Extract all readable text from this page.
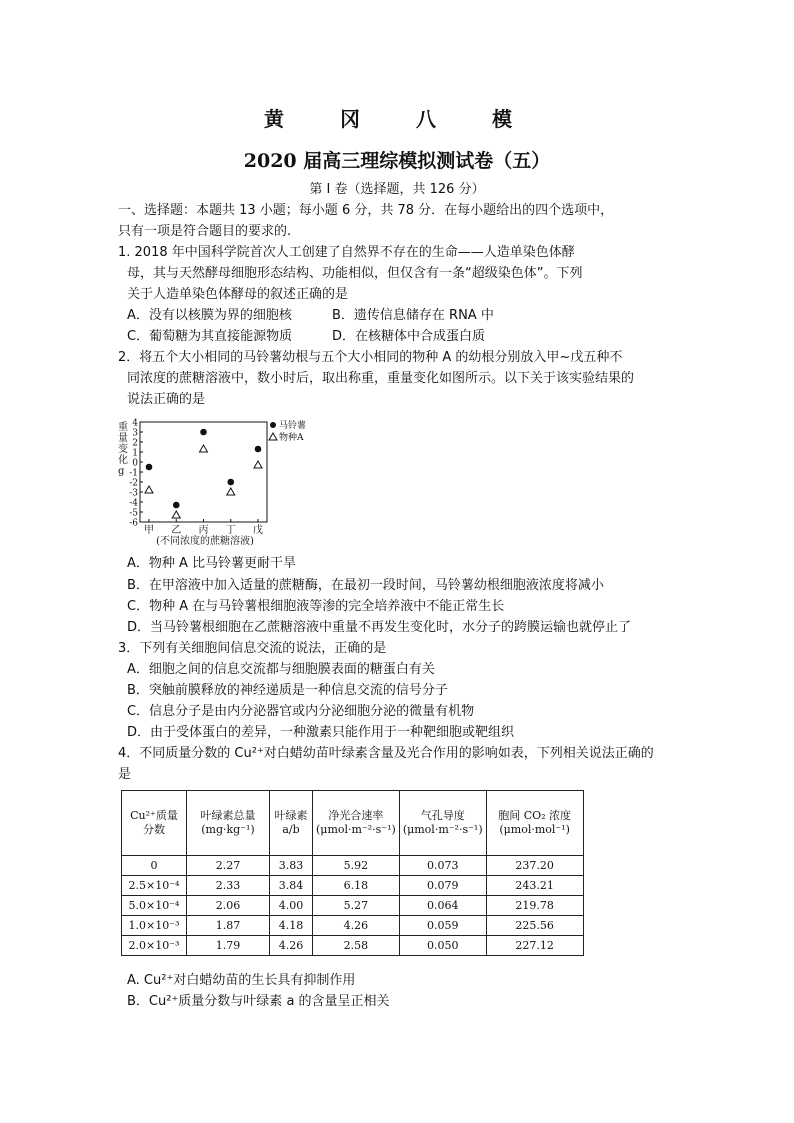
黄　冈　八　模
2020 届高三理综模拟测试卷（五）
第 I 卷（选择题，共 126 分）
一、选择题：本题共 13 小题；每小题 6 分，共 78 分．在每小题给出的四个选项中，
只有一项是符合题目的要求的.
1. 2018 年中国科学院首次人工创建了自然界不存在的生命——人造单染色体酵
母，其与天然酵母细胞形态结构、功能相似，但仅含有一条“超级染色体”。下列
关于人造单染色体酵母的叙述正确的是
A．没有以核膜为界的细胞核	B．遗传信息储存在 RNA 中
C．葡萄糖为其直接能源物质	D．在核糖体中合成蛋白质
2．将五个大小相同的马铃薯幼根与五个大小相同的物种 A 的幼根分别放入甲~戊五种不
同浓度的蔗糖溶液中，数小时后，取出称重，重量变化如图所示。以下关于该实验结果的
说法正确的是
重量变化 g
4
3
2
1
0
-1
-2
-3
-4
-5
-6
甲 乙 丙 丁 戊
(不同浓度的蔗糖溶液)
马铃薯
物种A
A．物种 A 比马铃薯更耐干旱
B．在甲溶液中加入适量的蔗糖酶，在最初一段时间，马铃薯幼根细胞液浓度将减小
C．物种 A 在与马铃薯根细胞液等渗的完全培养液中不能正常生长
D．当马铃薯根细胞在乙蔗糖溶液中重量不再发生变化时，水分子的跨膜运输也就停止了
3．下列有关细胞间信息交流的说法，正确的是
A．细胞之间的信息交流都与细胞膜表面的糖蛋白有关
B．突触前膜释放的神经递质是一种信息交流的信号分子
C．信息分子是由内分泌器官或内分泌细胞分泌的微量有机物
D．由于受体蛋白的差异，一种激素只能作用于一种靶细胞或靶组织
4．不同质量分数的 Cu²⁺对白蜡幼苗叶绿素含量及光合作用的影响如表，下列相关说法正确的
是
Cu²⁺质量分数	叶绿素总量(mg·kg⁻¹)	叶绿素 a/b	净光合速率(μmol·m⁻²·s⁻¹)	气孔导度(μmol·m⁻²·s⁻¹)	胞间 CO₂ 浓度(μmol·mol⁻¹)
0	2.27	3.83	5.92	0.073	237.20
2.5×10⁻⁴	2.33	3.84	6.18	0.079	243.21
5.0×10⁻⁴	2.06	4.00	5.27	0.064	219.78
1.0×10⁻³	1.87	4.18	4.26	0.059	225.56
2.0×10⁻³	1.79	4.26	2.58	0.050	227.12
A. Cu²⁺对白蜡幼苗的生长具有抑制作用
B．Cu²⁺质量分数与叶绿素 a 的含量呈正相关
